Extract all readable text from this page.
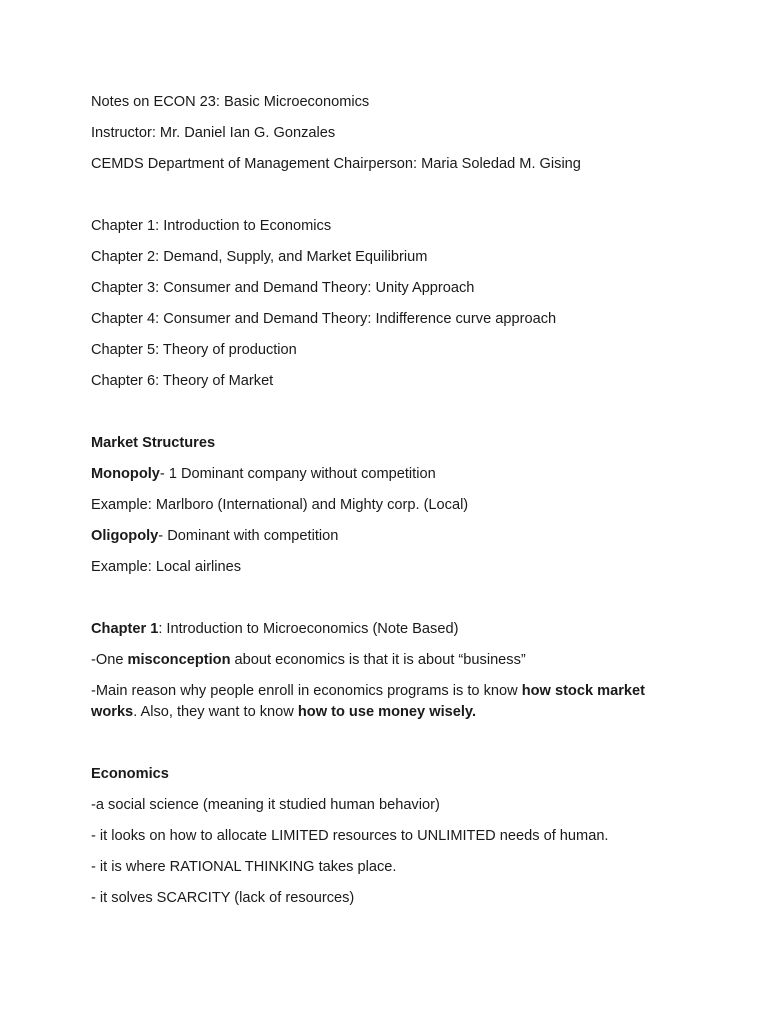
Notes on ECON 23: Basic Microeconomics
Instructor: Mr. Daniel Ian G. Gonzales
CEMDS Department of Management Chairperson: Maria Soledad M. Gising
Chapter 1: Introduction to Economics
Chapter 2: Demand, Supply, and Market Equilibrium
Chapter 3: Consumer and Demand Theory: Unity Approach
Chapter 4: Consumer and Demand Theory: Indifference curve approach
Chapter 5: Theory of production
Chapter 6: Theory of Market
Market Structures
Monopoly- 1 Dominant company without competition
Example: Marlboro (International) and Mighty corp. (Local)
Oligopoly- Dominant with competition
Example: Local airlines
Chapter 1: Introduction to Microeconomics (Note Based)
-One misconception about economics is that it is about “business”
-Main reason why people enroll in economics programs is to know how stock market works. Also, they want to know how to use money wisely.
Economics
-a social science (meaning it studied human behavior)
- it looks on how to allocate LIMITED resources to UNLIMITED needs of human.
- it is where RATIONAL THINKING takes place.
- it solves SCARCITY (lack of resources)
